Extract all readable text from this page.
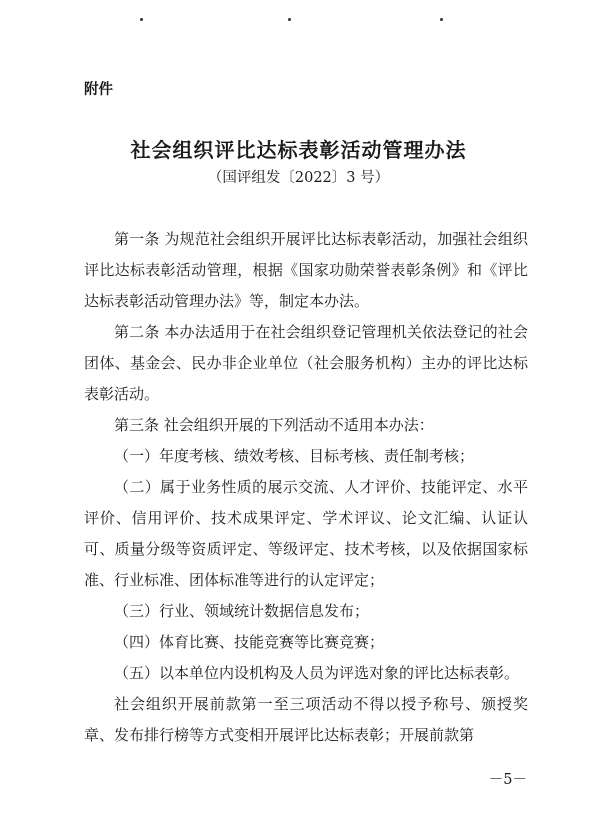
附件
社会组织评比达标表彰活动管理办法
（国评组发〔2022〕3 号）

第一条 为规范社会组织开展评比达标表彰活动，加强社会组织评比达标表彰活动管理，根据《国家功勋荣誉表彰条例》和《评比达标表彰活动管理办法》等，制定本办法。

第二条 本办法适用于在社会组织登记管理机关依法登记的社会团体、基金会、民办非企业单位（社会服务机构）主办的评比达标表彰活动。

第三条 社会组织开展的下列活动不适用本办法：

（一）年度考核、绩效考核、目标考核、责任制考核；

（二）属于业务性质的展示交流、人才评价、技能评定、水平评价、信用评价、技术成果评定、学术评议、论文汇编、认证认可、质量分级等资质评定、等级评定、技术考核，以及依据国家标准、行业标准、团体标准等进行的认定评定；

（三）行业、领域统计数据信息发布；

（四）体育比赛、技能竞赛等比赛竞赛；

（五）以本单位内设机构及人员为评选对象的评比达标表彰。

社会组织开展前款第一至三项活动不得以授予称号、颁授奖章、发布排行榜等方式变相开展评比达标表彰；开展前款第

－5－
